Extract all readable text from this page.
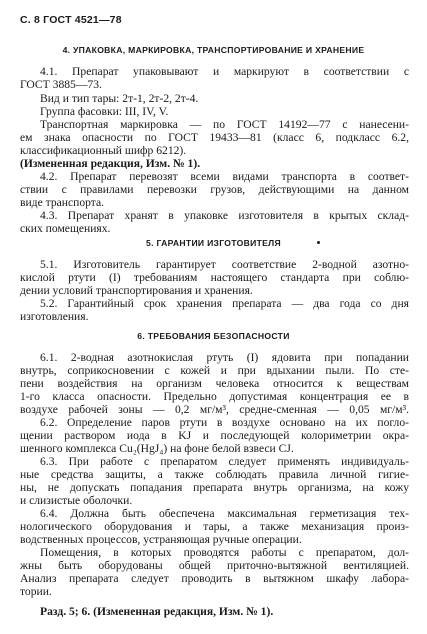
С. 8 ГОСТ 4521—78
4. УПАКОВКА, МАРКИРОВКА, ТРАНСПОРТИРОВАНИЕ И ХРАНЕНИЕ
4.1. Препарат упаковывают и маркируют в соответствии с
ГОСТ 3885—73.
Вид и тип тары: 2т-1, 2т-2, 2т-4.
Группа фасовки: III, IV, V.
Транспортная маркировка — по ГОСТ 14192—77 с нанесени-
ем знака опасности по ГОСТ 19433—81 (класс 6, подкласс 6.2,
классификационный шифр 6212).
(Измененная редакция, Изм. № 1).
4.2. Препарат перевозят всеми видами транспорта в соответ-
ствии с правилами перевозки грузов, действующими на данном
виде транспорта.
4.3. Препарат хранят в упаковке изготовителя в крытых склад-
ских помещениях.
5. ГАРАНТИИ ИЗГОТОВИТЕЛЯ
5.1. Изготовитель гарантирует соответствие 2-водной азотно-
кислой ртути (I) требованиям настоящего стандарта при соблю-
дении условий транспортирования и хранения.
5.2. Гарантийный срок хранения препарата — два года со дня
изготовления.
6. ТРЕБОВАНИЯ БЕЗОПАСНОСТИ
6.1. 2-водная азотнокислая ртуть (I) ядовита при попадании
внутрь, соприкосновении с кожей и при вдыхании пыли. По сте-
пени воздействия на организм человека относится к веществам
1-го класса опасности. Предельно допустимая концентрация ее в
воздухе рабочей зоны — 0,2 мг/м³, средне-сменная — 0,05 мг/м³.
6.2. Определение паров ртути в воздухе основано на их погло-
щении раствором иода в KJ и последующей колориметрии окра-
шенного комплекса Cu₂(HgJ₄) на фоне белой взвеси CJ.
6.3. При работе с препаратом следует применять индивидуаль-
ные средства защиты, а также соблюдать правила личной гигие-
ны, не допускать попадания препарата внутрь организма, на кожу
и слизистые оболочки.
6.4. Должна быть обеспечена максимальная герметизация тех-
нологического оборудования и тары, а также механизация произ-
водственных процессов, устраняющая ручные операции.
Помещения, в которых проводятся работы с препаратом, дол-
жны быть оборудованы общей приточно-вытяжной вентиляцией.
Анализ препарата следует проводить в вытяжном шкафу лабора-
тории.
Разд. 5; 6. (Измененная редакция, Изм. № 1).
